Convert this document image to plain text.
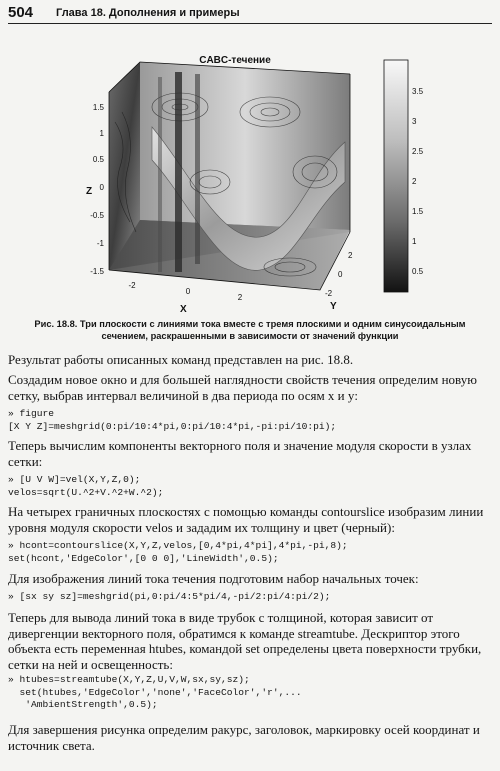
504 Глава 18. Дополнения и примеры
CABC-течение
1.5
1
0.5
0
-0.5
-1
-1.5
Z
-2
0
2
X
2
0
-2
Y
3.5
3
2.5
2
1.5
1
0.5
Рис. 18.8. Три плоскости с линиями тока вместе с тремя плоскими и одним синусоидальным сечением, раскрашенными в зависимости от значений функции
Результат работы описанных команд представлен на рис. 18.8.
Создадим новое окно и для большей наглядности свойств течения определим новую сетку, выбрав интервал величиной в два периода по осям x и y:
» figure
[X Y Z]=meshgrid(0:pi/10:4*pi,0:pi/10:4*pi,-pi:pi/10:pi);
Теперь вычислим компоненты векторного поля и значение модуля скорости в узлах сетки:
» [U V W]=vel(X,Y,Z,0);
velos=sqrt(U.^2+V.^2+W.^2);
На четырех граничных плоскостях с помощью команды contourslice изобразим линии уровня модуля скорости velos и зададим их толщину и цвет (черный):
» hcont=contourslice(X,Y,Z,velos,[0,4*pi,4*pi],4*pi,-pi,8);
set(hcont,'EdgeColor',[0 0 0],'LineWidth',0.5);
Для изображения линий тока течения подготовим набор начальных точек:
» [sx sy sz]=meshgrid(pi,0:pi/4:5*pi/4,-pi/2:pi/4:pi/2);
Теперь для вывода линий тока в виде трубок с толщиной, которая зависит от дивергенции векторного поля, обратимся к команде streamtube. Дескриптор этого объекта есть переменная htubes, командой set определены цвета поверхности трубки, сетки на ней и освещенность:
» htubes=streamtube(X,Y,Z,U,V,W,sx,sy,sz);
set(htubes,'EdgeColor','none','FaceColor','r',...
'AmbientStrength',0.5);
Для завершения рисунка определим ракурс, заголовок, маркировку осей координат и источник света.
